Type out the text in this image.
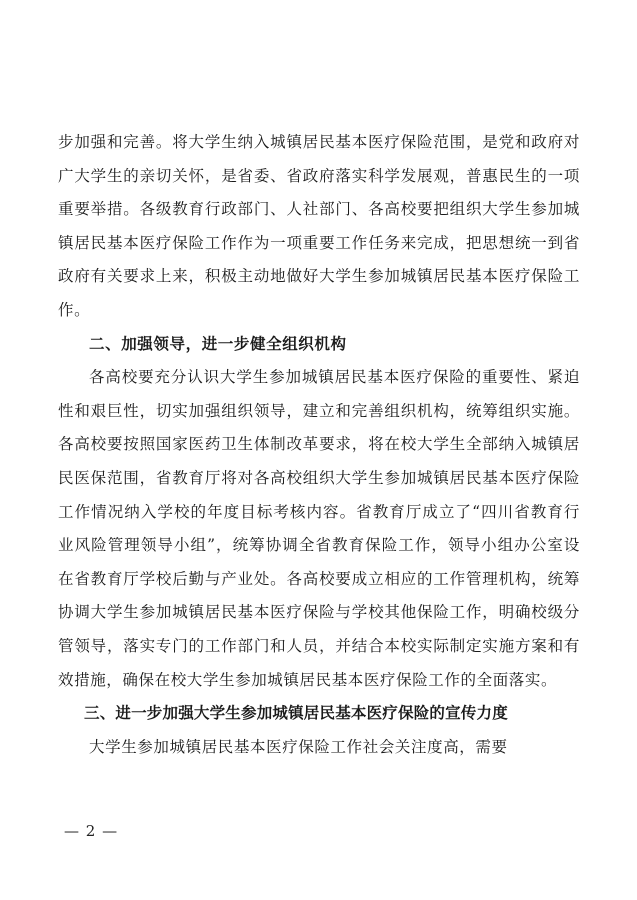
步加强和完善。将大学生纳入城镇居民基本医疗保险范围，是党和政府对广大学生的亲切关怀，是省委、省政府落实科学发展观，普惠民生的一项重要举措。各级教育行政部门、人社部门、各高校要把组织大学生参加城镇居民基本医疗保险工作作为一项重要工作任务来完成，把思想统一到省政府有关要求上来，积极主动地做好大学生参加城镇居民基本医疗保险工作。

二、加强领导，进一步健全组织机构

各高校要充分认识大学生参加城镇居民基本医疗保险的重要性、紧迫性和艰巨性，切实加强组织领导，建立和完善组织机构，统筹组织实施。各高校要按照国家医药卫生体制改革要求，将在校大学生全部纳入城镇居民医保范围，省教育厅将对各高校组织大学生参加城镇居民基本医疗保险工作情况纳入学校的年度目标考核内容。省教育厅成立了“四川省教育行业风险管理领导小组”，统筹协调全省教育保险工作，领导小组办公室设在省教育厅学校后勤与产业处。各高校要成立相应的工作管理机构，统筹协调大学生参加城镇居民基本医疗保险与学校其他保险工作，明确校级分管领导，落实专门的工作部门和人员，并结合本校实际制定实施方案和有效措施，确保在校大学生参加城镇居民基本医疗保险工作的全面落实。

三、进一步加强大学生参加城镇居民基本医疗保险的宣传力度

大学生参加城镇居民基本医疗保险工作社会关注度高，需要

— 2 —
